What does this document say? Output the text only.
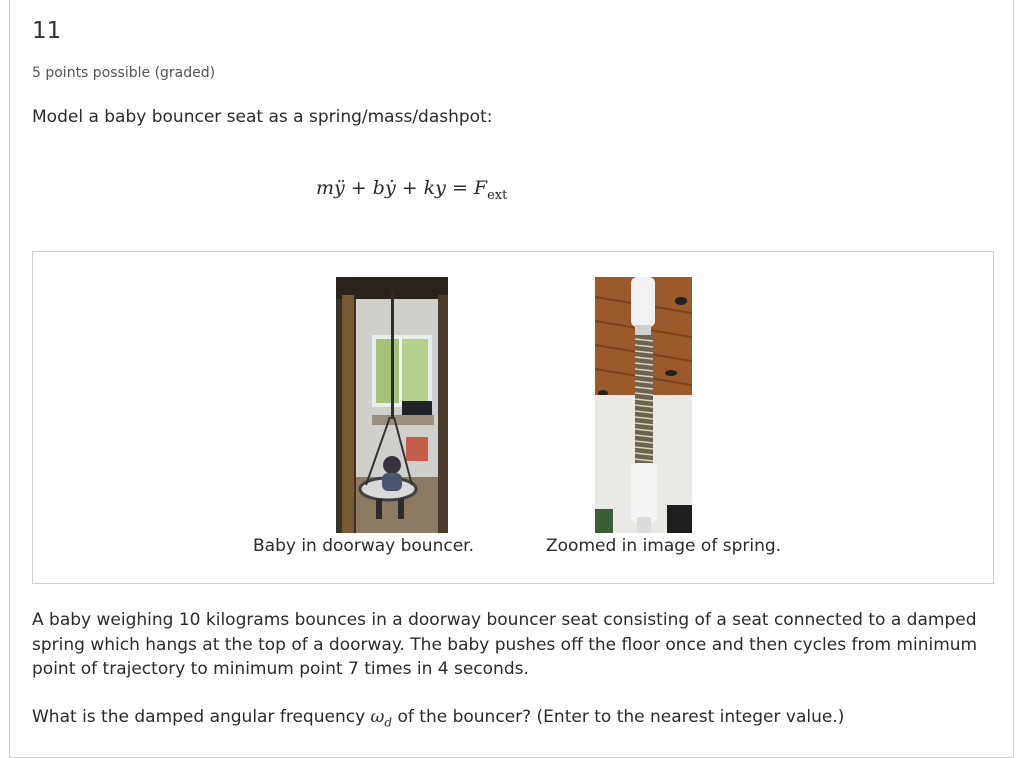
11

5 points possible (graded)

Model a baby bouncer seat as a spring/mass/dashpot:

mÿ + bẏ + ky = $F_{ext}$

Baby in doorway bouncer.	Zoomed in image of spring.

A baby weighing 10 kilograms bounces in a doorway bouncer seat consisting of a seat connected to a damped spring which hangs at the top of a doorway. The baby pushes off the floor once and then cycles from minimum point of trajectory to minimum point 7 times in 4 seconds.

What is the damped angular frequency $\omega_d$ of the bouncer? (Enter to the nearest integer value.)
